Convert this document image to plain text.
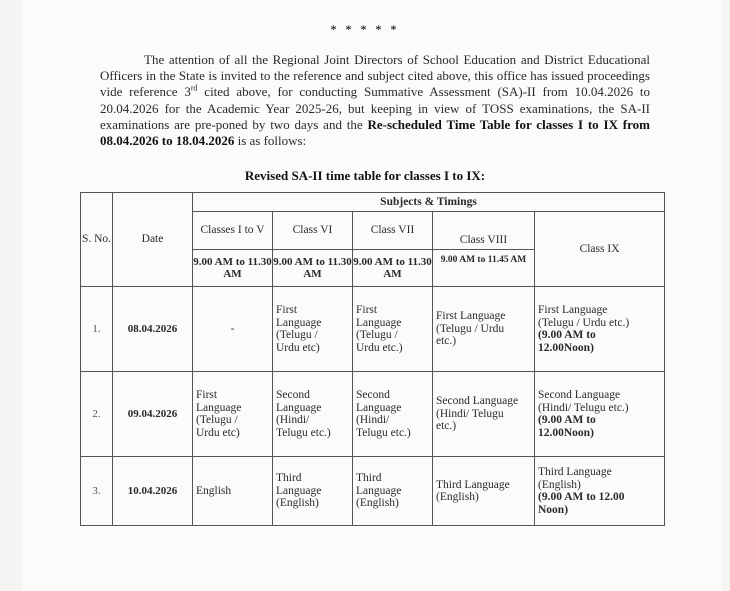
* * * * *
The attention of all the Regional Joint Directors of School Education and District Educational Officers in the State is invited to the reference and subject cited above, this office has issued proceedings vide reference 3rd cited above, for conducting Summative Assessment (SA)-II from 10.04.2026 to 20.04.2026 for the Academic Year 2025-26, but keeping in view of TOSS examinations, the SA-II examinations are pre-poned by two days and the Re-scheduled Time Table for classes I to IX from 08.04.2026 to 18.04.2026 is as follows:
Revised SA-II time table for classes I to IX:
S. No.	Date	Subjects & Timings				
		Classes I to V	Class VI	Class VII	Class VIII	Class IX
		9.00 AM to 11.30 AM	9.00 AM to 11.30 AM	9.00 AM to 11.30 AM	9.00 AM to 11.45 AM	
1.	08.04.2026	-	First
Language
(Telugu /
Urdu etc)	First
Language
(Telugu /
Urdu etc.)	First Language
(Telugu / Urdu
etc.)	First Language
(Telugu / Urdu etc.)
(9.00 AM to
12.00Noon)

2.	09.04.2026	First
Language
(Telugu /
Urdu etc)	Second
Language
(Hindi/
Telugu etc.)	Second
Language
(Hindi/
Telugu etc.)	Second Language
(Hindi/ Telugu
etc.)	Second Language
(Hindi/ Telugu etc.)
(9.00 AM to
12.00Noon)

3.	10.04.2026	English	Third
Language
(English)	Third
Language
(English)	Third Language
(English)	Third Language
(English)
(9.00 AM to 12.00
Noon)
